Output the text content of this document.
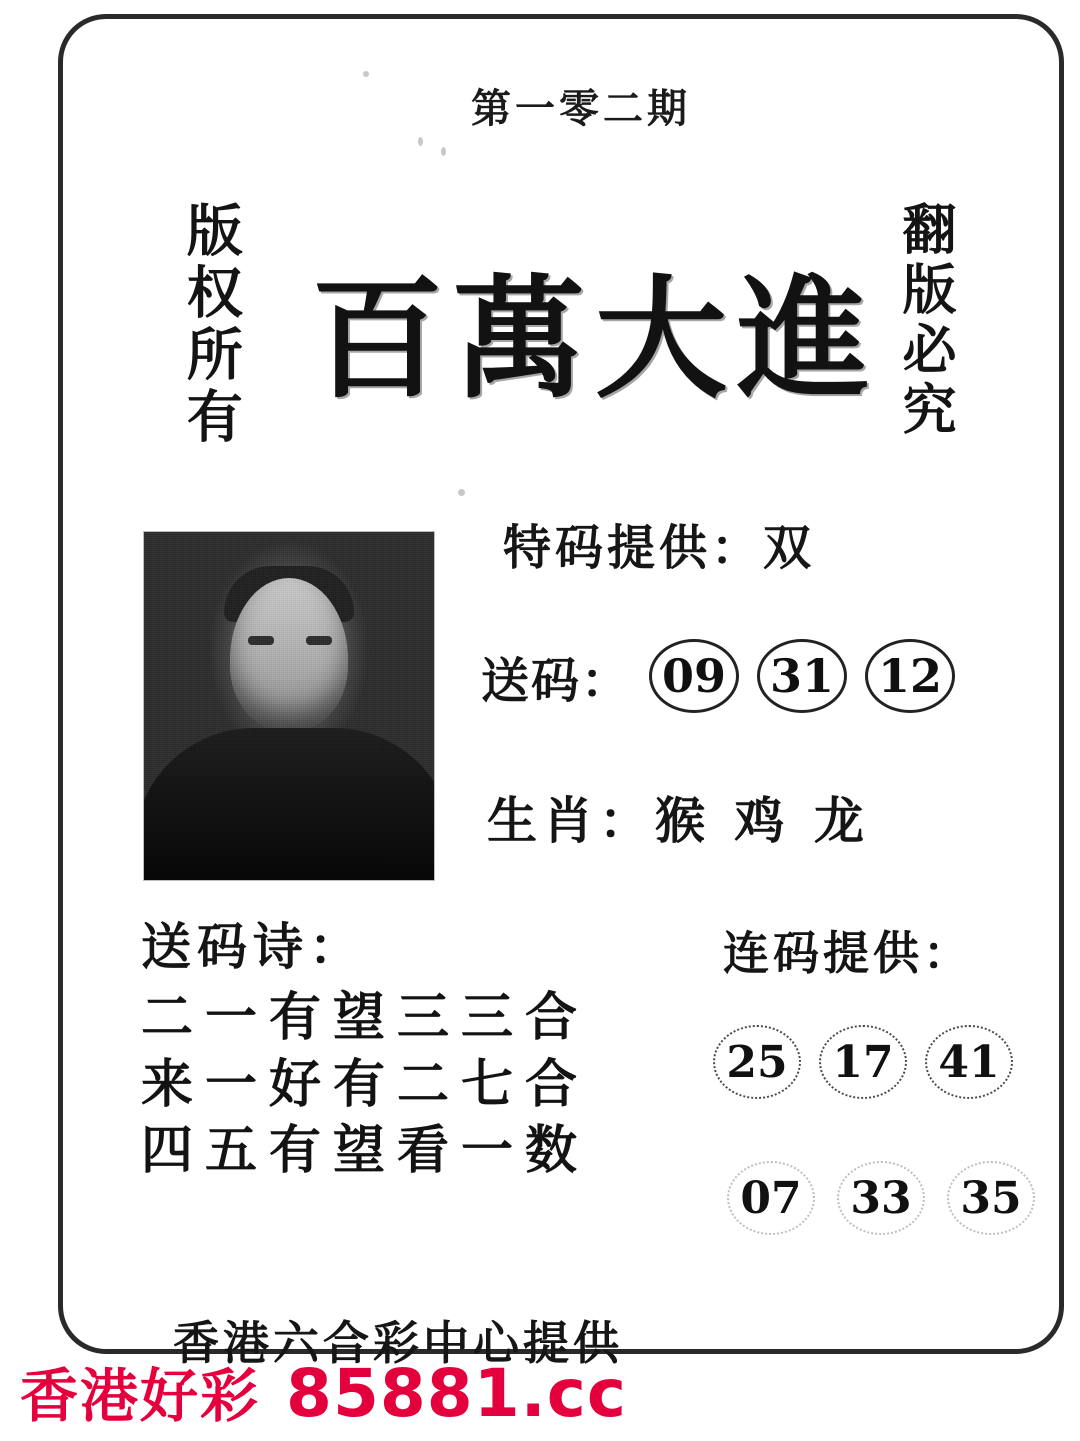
第一零二期
版权所有	翻版必究
百萬大進
特码提供：双
送码： 09 31 12
生肖：猴 鸡 龙
送码诗：
二一有望三三合
来一好有二七合
四五有望看一数
连码提供：
25	17	41
07	33	35
香港六合彩中心提供
香港好彩 85881.cc
